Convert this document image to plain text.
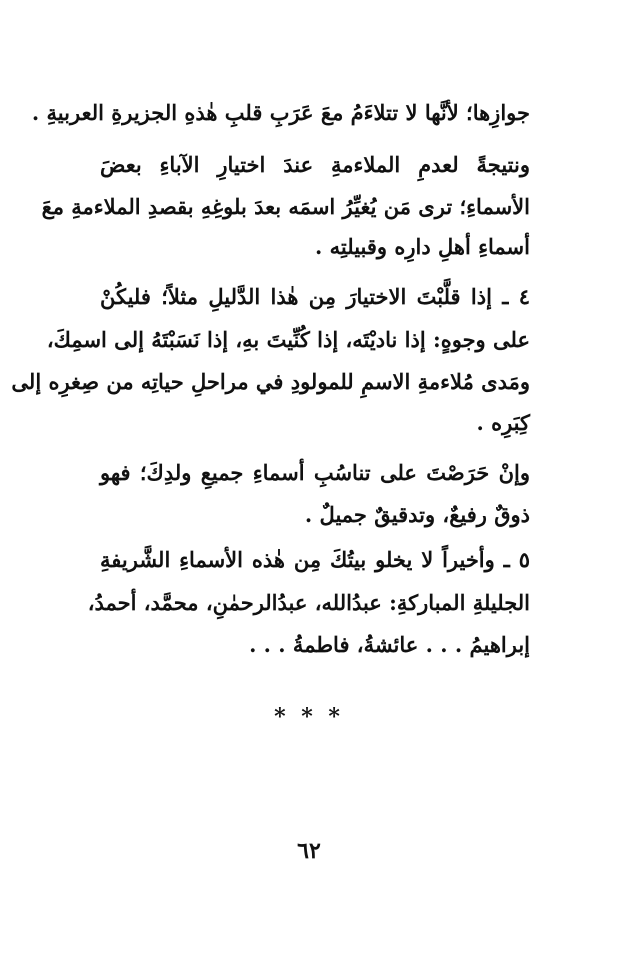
جوازِها؛ لأنَّها لا تتلاءَمُ معَ عَرَبِ قلبِ هٰذهِ الجزيرةِ العربيةِ .
ونتيجةً لعدمِ الملاءمةِ عندَ اختيارِ الآباءِ بعضَ
الأسماءِ؛ ترى مَن يُغيِّرُ اسمَه بعدَ بلوغِهِ بقصدِ الملاءمةِ معَ
أسماءِ أهلِ دارِه وقبيلتِه .
٤ ـ إذا قلَّبْتَ الاختيارَ مِن هٰذا الدَّليلِ مثلاً؛ فليكُنْ
على وجوهٍ: إذا ناديْتَه، إذا كُنِّيتَ بهِ، إذا نَسَبْتَهُ إلى اسمِكَ،
ومَدى مُلاءمةِ الاسمِ للمولودِ في مراحلِ حياتِه من صِغرِه إلى
كِبَرِه .
وإنْ حَرَصْتَ على تناسُبِ أسماءِ جميعِ ولدِكَ؛ فهو
ذوقٌ رفيعٌ، وتدقيقٌ جميلٌ .
٥ ـ وأخيراً لا يخلو بيتُكَ مِن هٰذه الأسماءِ الشَّريفةِ
الجليلةِ المباركةِ: عبدُالله، عبدُالرحمٰنِ، محمَّد، أحمدُ،
إبراهيمُ . . . عائشةُ، فاطمةُ . . .
* * *
٦٢
